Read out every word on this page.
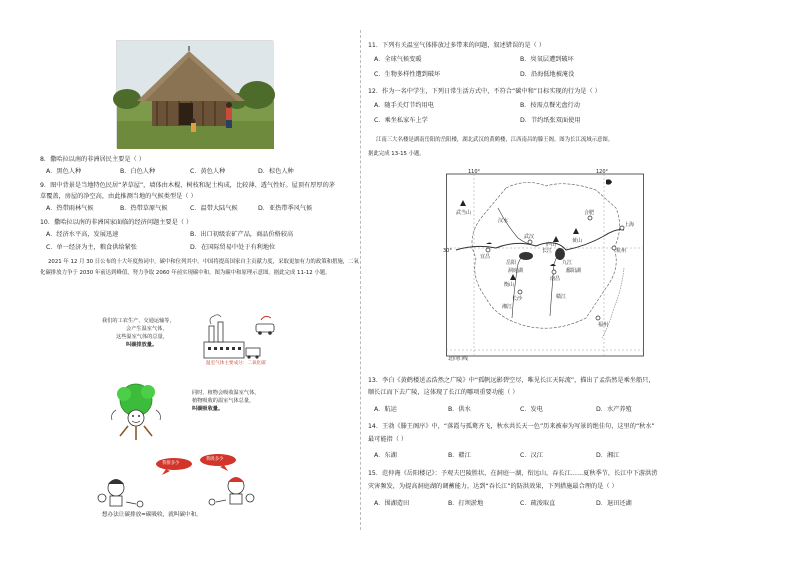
8．撒哈拉以南的非洲居民主要是（ ）
A．黑色人种	B．白色人种	C．黄色人种	D．棕色人种
9．图中背景是当地特色民居“茅草屋”，墙体由木棍、树枝和泥土构成，比较薄、透气性好。屋顶有厚厚的茅
草覆盖，房屋的净空高，由此推测当地的气候类型是（ ）
A．热带雨林气候	B．热带草原气候	C．温带大陆气候	D．亚热带季风气候
10．撒哈拉以南的非洲国家面临的经济问题主要是（ ）
A．经济水平高，发展迅速	B．出口初级农矿产品，商品价格较高
C．单一经济为主，粮食供给紧张	D．在国际贸易中处于有利地位
2021 年 12 月 30 日公布的十大年度热词中，碳中和位列其中。中国将提高国家自主贡献力度，采取更加有力的政策和措施，二氧
化碳排放力争于 2030 年前达到峰值，努力争取 2060 年前实现碳中和。图为碳中和原理示意图。据此完成 11-12 小题。
我们的工农生产、交通运输等，
会产生温室气体，
这些温室气体的总量，
叫碳排放量。
温室气体主要成分：二氧化碳
同时，植物会吸收温室气体，
植物吸收的温室气体总量，
叫碳吸收量。
我排多少
我吸多少
想办法让碳排放=碳吸收，就叫碳中和。
11．下列有关温室气体排放过多带来的问题，叙述错误的是（ ）
A．全球气候变暖	B．臭氧层遭到破坏
C．生物多样性遭到破坏	D．沿海低地被淹没
12．作为一名中学生，下列日常生活方式中，不符合“碳中和”目标实现的行为是（ ）
A．随手关灯节约用电	B．按需点餐光盘行动
C．乘坐私家车上学	D．节约纸张双面使用
江南三大名楼是湖南岳阳的岳阳楼，湖北武汉的黄鹤楼，江西南昌的滕王阁。图为长江流域示意图。
据此完成 13-15 小题。
110°	120°
30°
北回归线
宜昌
武汉
长沙
南昌
合肥
上海
杭州
福州
岳阳	九江
汉水
湘江
赣江
长江
洞庭湖	鄱阳湖
武当山
黄山
庐山
衡山
13．李白《黄鹤楼送孟浩然之广陵》中“孤帆远影碧空尽，唯见长江天际流”，描出了孟浩然是乘坐船只，
顺长江而下去广陵，这体现了长江的哪项重要功能（ ）
A．航运	B．供水	C．发电	D．水产养殖
14．王勃《滕王阁序》中，“落霞与孤鹜齐飞，秋水共长天一色”历来被奉为写景的绝佳句，这里的“秋水”
最可能指（ ）
A．东湖	B．赣江	C．汉江	D．湘江
15．范仲淹《岳阳楼记》：予观夫巴陵胜状，在洞庭一湖，衔远山，吞长江……夏秋季节，长江中下游洪涝
灾害频发，为提高洞庭湖的调蓄能力，达到“吞长江”的防洪效果，下列措施最合理的是（ ）
A．围湖造田	B．打坝淤地	C．疏浚取直	D．退田还湖
